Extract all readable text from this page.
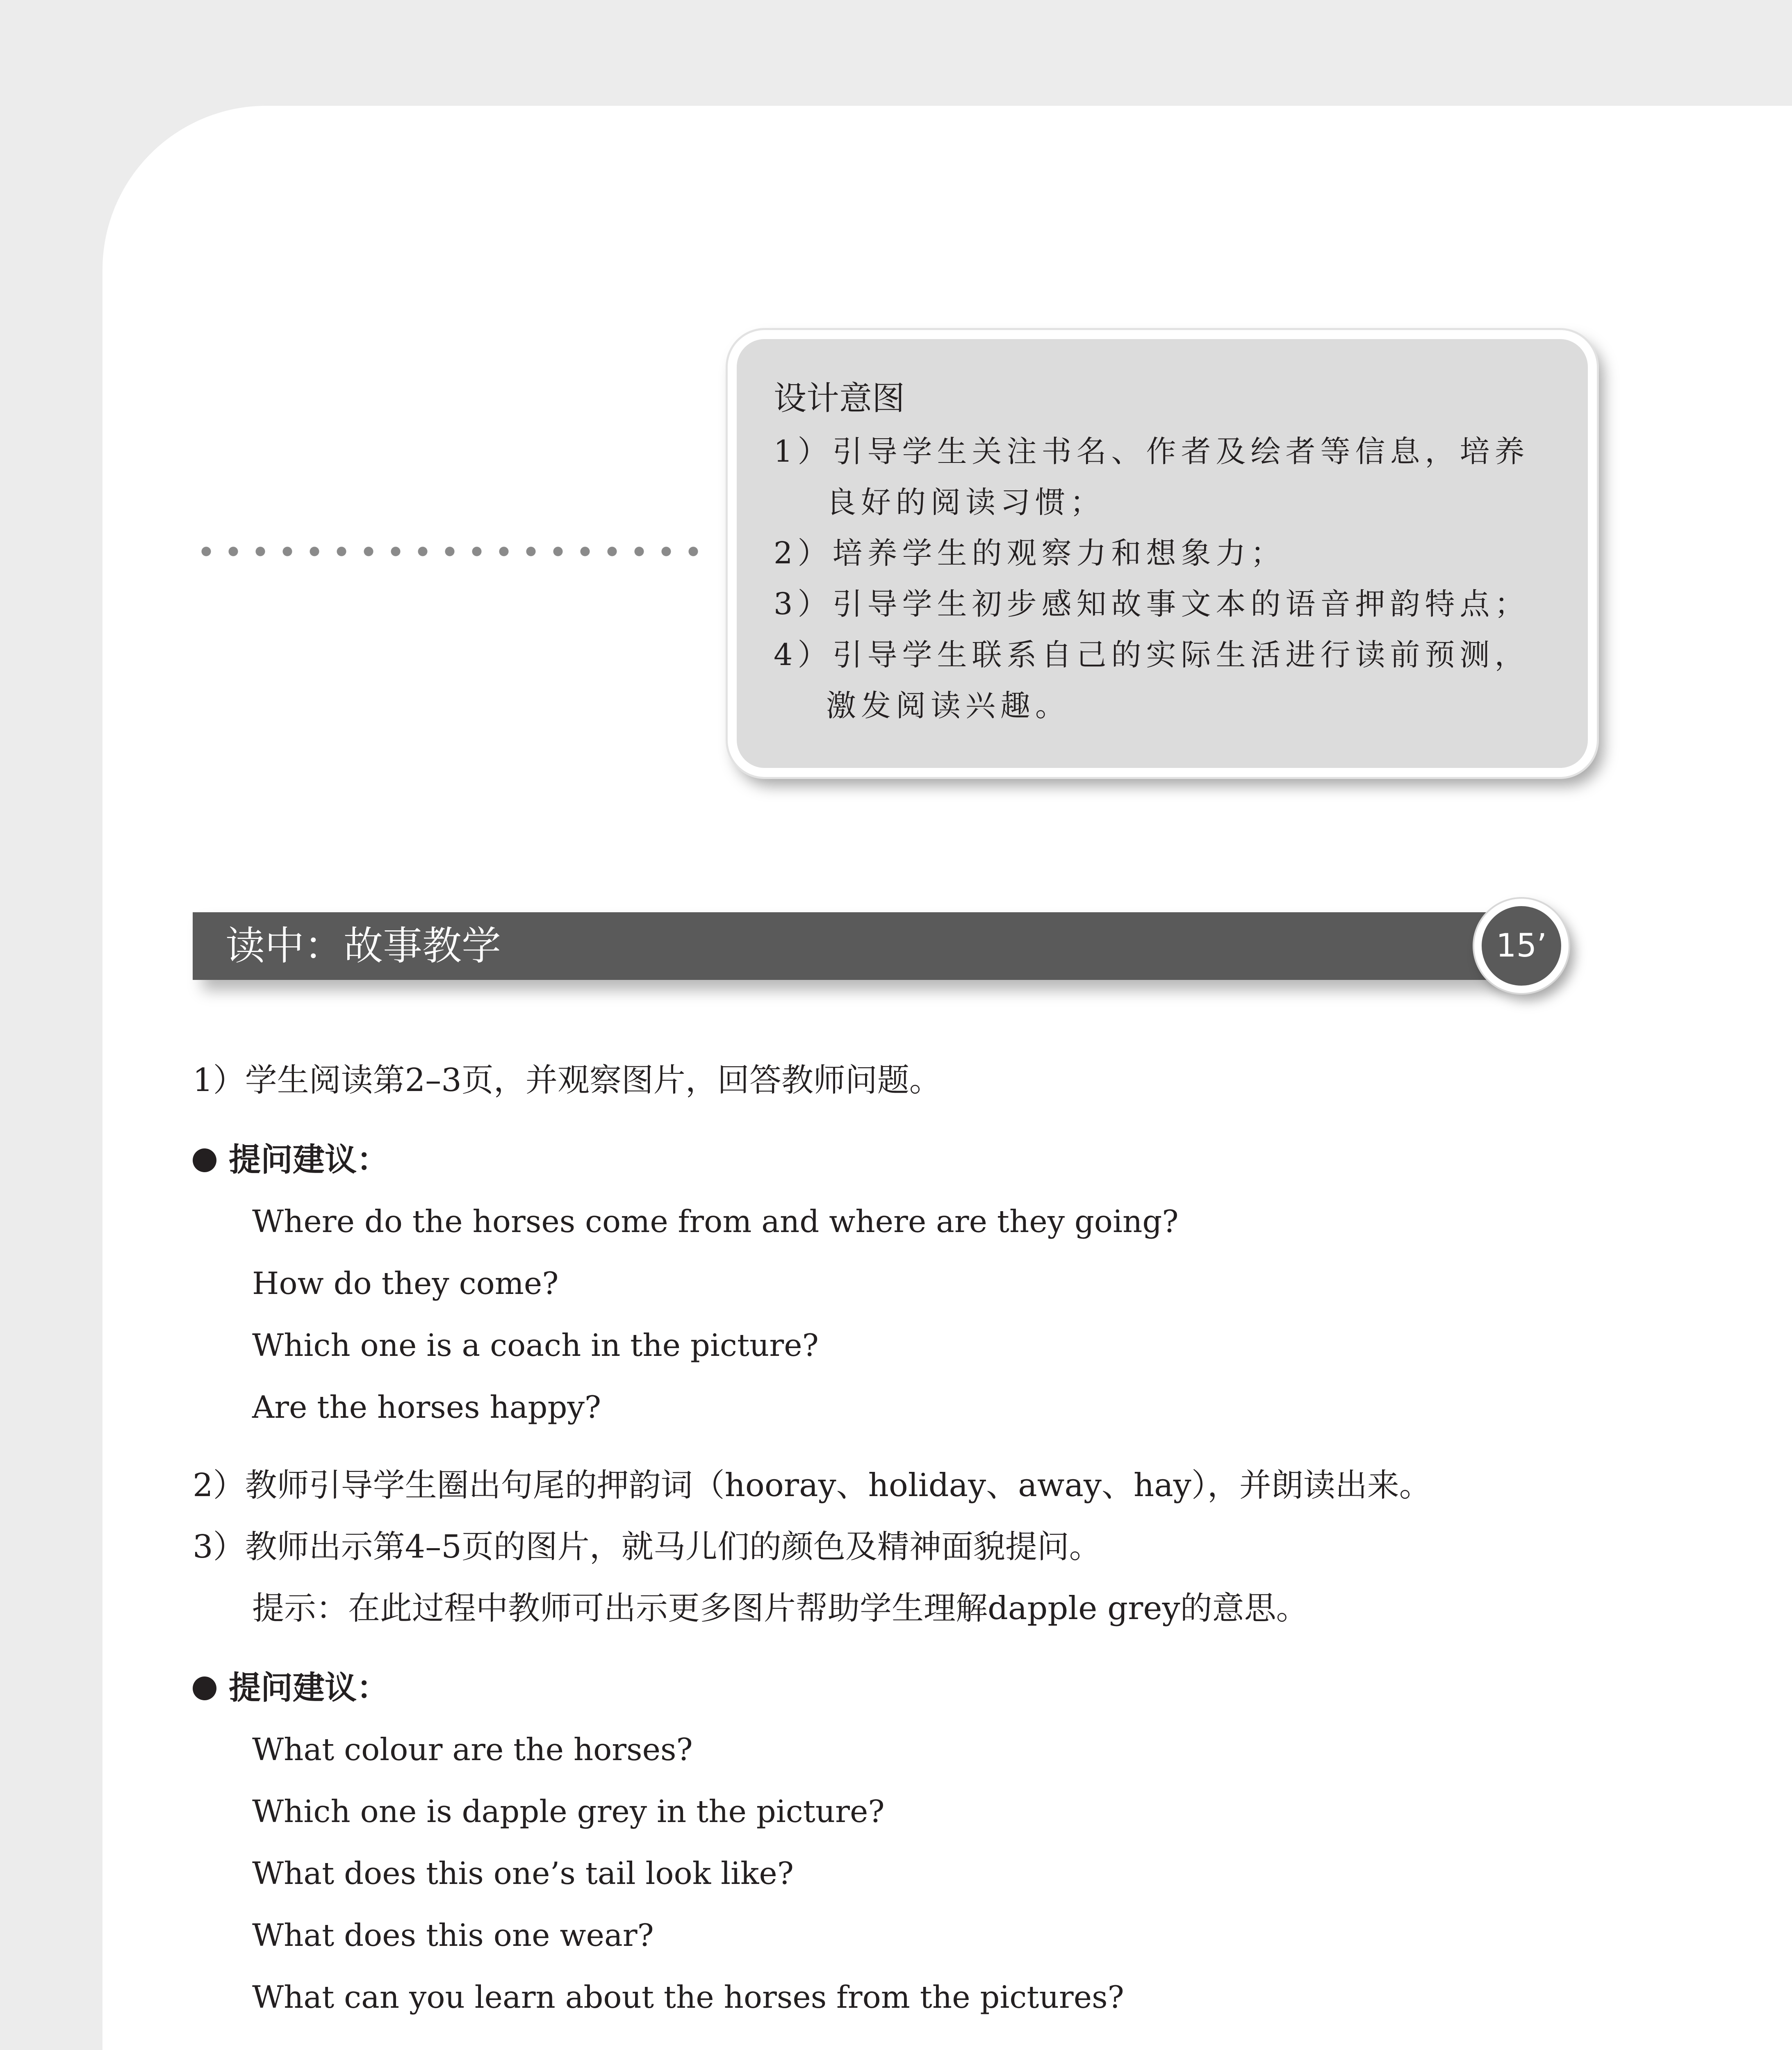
设计意图
1）引导学生关注书名、作者及绘者等信息，培养良好的阅读习惯；
2）培养学生的观察力和想象力；
3）引导学生初步感知故事文本的语音押韵特点；
4）引导学生联系自己的实际生活进行读前预测，激发阅读兴趣。
读中：故事教学	15’
1）学生阅读第2–3页，并观察图片，回答教师问题。
提问建议：
Where do the horses come from and where are they going?
How do they come?
Which one is a coach in the picture?
Are the horses happy?
2）教师引导学生圈出句尾的押韵词（hooray、holiday、away、hay），并朗读出来。
3）教师出示第4–5页的图片，就马儿们的颜色及精神面貌提问。
提示：在此过程中教师可出示更多图片帮助学生理解dapple grey的意思。
提问建议：
What colour are the horses?
Which one is dapple grey in the picture?
What does this one’s tail look like?
What does this one wear?
What can you learn about the horses from the pictures?
